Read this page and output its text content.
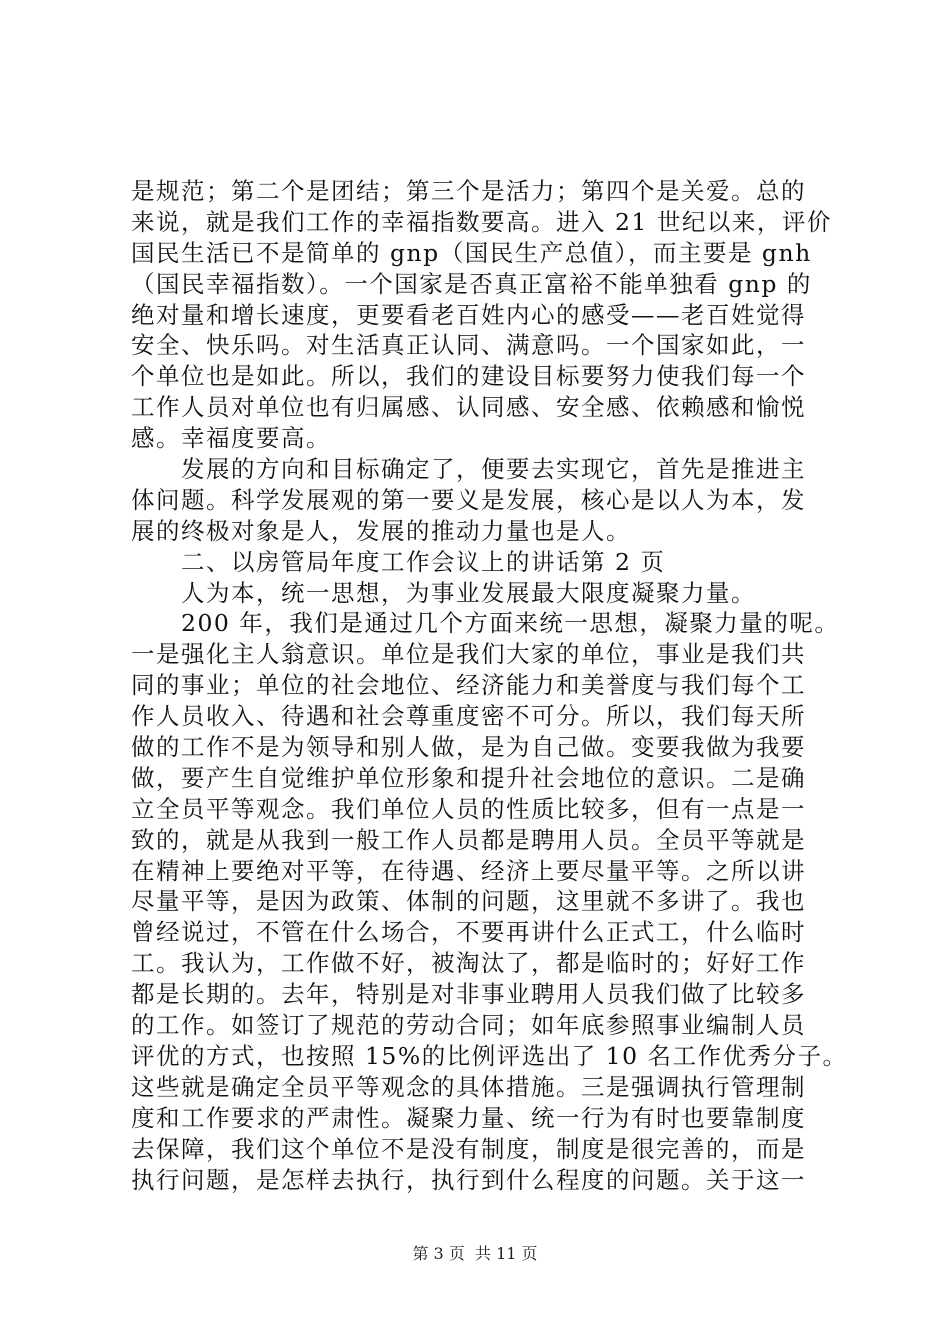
是规范；第二个是团结；第三个是活力；第四个是关爱。总的
来说，就是我们工作的幸福指数要高。进入 21 世纪以来，评价
国民生活已不是简单的 gnp（国民生产总值），而主要是 gnh
（国民幸福指数）。一个国家是否真正富裕不能单独看 gnp 的
绝对量和增长速度，更要看老百姓内心的感受——老百姓觉得
安全、快乐吗。对生活真正认同、满意吗。一个国家如此，一
个单位也是如此。所以，我们的建设目标要努力使我们每一个
工作人员对单位也有归属感、认同感、安全感、依赖感和愉悦
感。幸福度要高。
　　发展的方向和目标确定了，便要去实现它，首先是推进主
体问题。科学发展观的第一要义是发展，核心是以人为本，发
展的终极对象是人，发展的推动力量也是人。
　　二、以房管局年度工作会议上的讲话第 2 页
　　人为本，统一思想，为事业发展最大限度凝聚力量。
　　200 年，我们是通过几个方面来统一思想，凝聚力量的呢。
一是强化主人翁意识。单位是我们大家的单位，事业是我们共
同的事业；单位的社会地位、经济能力和美誉度与我们每个工
作人员收入、待遇和社会尊重度密不可分。所以，我们每天所
做的工作不是为领导和别人做，是为自己做。变要我做为我要
做，要产生自觉维护单位形象和提升社会地位的意识。二是确
立全员平等观念。我们单位人员的性质比较多，但有一点是一
致的，就是从我到一般工作人员都是聘用人员。全员平等就是
在精神上要绝对平等，在待遇、经济上要尽量平等。之所以讲
尽量平等，是因为政策、体制的问题，这里就不多讲了。我也
曾经说过，不管在什么场合，不要再讲什么正式工，什么临时
工。我认为，工作做不好，被淘汰了，都是临时的；好好工作
都是长期的。去年，特别是对非事业聘用人员我们做了比较多
的工作。如签订了规范的劳动合同；如年底参照事业编制人员
评优的方式，也按照 15%的比例评选出了 10 名工作优秀分子。
这些就是确定全员平等观念的具体措施。三是强调执行管理制
度和工作要求的严肃性。凝聚力量、统一行为有时也要靠制度
去保障，我们这个单位不是没有制度，制度是很完善的，而是
执行问题，是怎样去执行，执行到什么程度的问题。关于这一
第 3 页  共 11 页
